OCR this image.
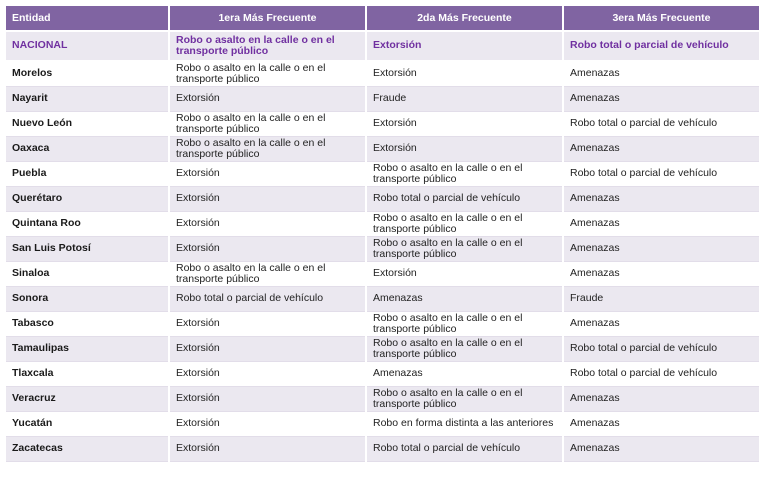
Entidad	1era Más Frecuente	2da Más Frecuente	3era Más Frecuente
NACIONAL	Robo o asalto en la calle o en el transporte público	Extorsión	Robo total o parcial de vehículo
Morelos	Robo o asalto en la calle o en el transporte público	Extorsión	Amenazas
Nayarit	Extorsión	Fraude	Amenazas
Nuevo León	Robo o asalto en la calle o en el transporte público	Extorsión	Robo total o parcial de vehículo
Oaxaca	Robo o asalto en la calle o en el transporte público	Extorsión	Amenazas
Puebla	Extorsión	Robo o asalto en la calle o en el transporte público	Robo total o parcial de vehículo
Querétaro	Extorsión	Robo total o parcial de vehículo	Amenazas
Quintana Roo	Extorsión	Robo o asalto en la calle o en el transporte público	Amenazas
San Luis Potosí	Extorsión	Robo o asalto en la calle o en el transporte público	Amenazas
Sinaloa	Robo o asalto en la calle o en el transporte público	Extorsión	Amenazas
Sonora	Robo total o parcial de vehículo	Amenazas	Fraude
Tabasco	Extorsión	Robo o asalto en la calle o en el transporte público	Amenazas
Tamaulipas	Extorsión	Robo o asalto en la calle o en el transporte público	Robo total o parcial de vehículo
Tlaxcala	Extorsión	Amenazas	Robo total o parcial de vehículo
Veracruz	Extorsión	Robo o asalto en la calle o en el transporte público	Amenazas
Yucatán	Extorsión	Robo en forma distinta a las anteriores	Amenazas
Zacatecas	Extorsión	Robo total o parcial de vehículo	Amenazas
